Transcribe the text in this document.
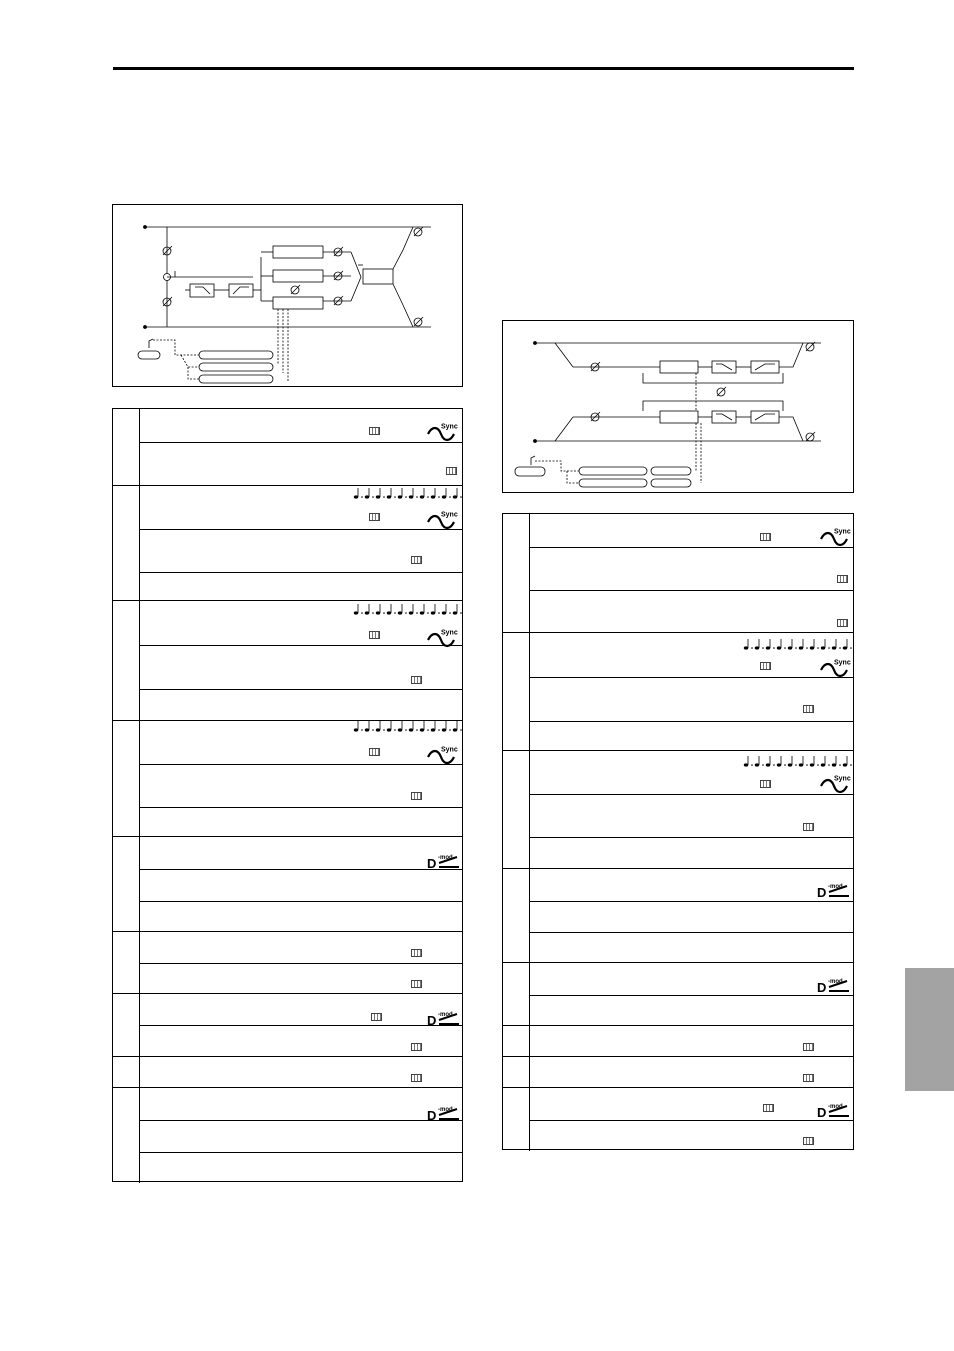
Sync
Sync
Sync
Sync
Sync
Sync
Sync
D -mod
D -mod
D -mod
D -mod
D -mod
D -mod
